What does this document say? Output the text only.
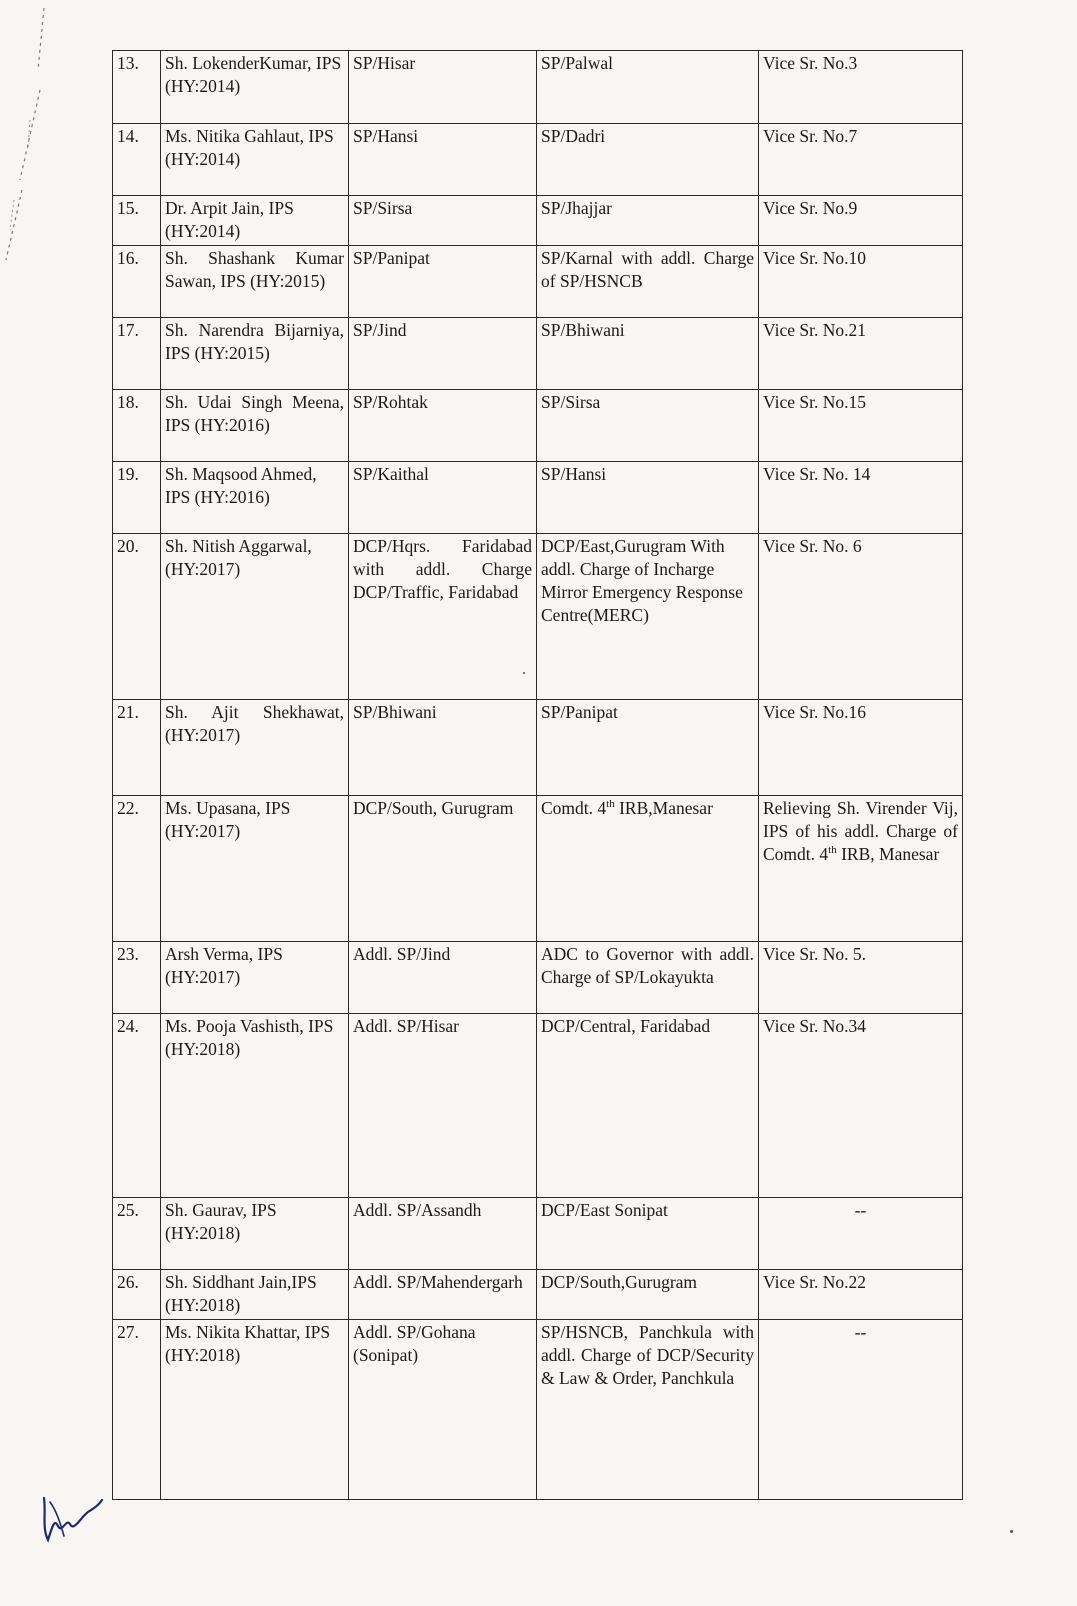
13.	Sh. LokenderKumar, IPS (HY:2014)	SP/Hisar	SP/Palwal	Vice Sr. No.3
14.	Ms. Nitika Gahlaut, IPS (HY:2014)	SP/Hansi	SP/Dadri	Vice Sr. No.7
15.	Dr. Arpit Jain, IPS (HY:2014)	SP/Sirsa	SP/Jhajjar	Vice Sr. No.9
16.	Sh. Shashank Kumar Sawan, IPS (HY:2015)	SP/Panipat	SP/Karnal with addl. Charge of SP/HSNCB	Vice Sr. No.10
17.	Sh. Narendra Bijarniya, IPS (HY:2015)	SP/Jind	SP/Bhiwani	Vice Sr. No.21
18.	Sh. Udai Singh Meena, IPS (HY:2016)	SP/Rohtak	SP/Sirsa	Vice Sr. No.15
19.	Sh. Maqsood Ahmed, IPS (HY:2016)	SP/Kaithal	SP/Hansi	Vice Sr. No. 14
20.	Sh. Nitish Aggarwal, (HY:2017)	DCP/Hqrs. Faridabad with addl. Charge DCP/Traffic, Faridabad	DCP/East,Gurugram With addl. Charge of Incharge Mirror Emergency Response Centre(MERC)	Vice Sr. No. 6
21.	Sh. Ajit Shekhawat, (HY:2017)	SP/Bhiwani	SP/Panipat	Vice Sr. No.16
22.	Ms. Upasana, IPS (HY:2017)	DCP/South, Gurugram	Comdt. 4th IRB,Manesar	Relieving Sh. Virender Vij, IPS of his addl. Charge of Comdt. 4th IRB, Manesar
23.	Arsh Verma, IPS (HY:2017)	Addl. SP/Jind	ADC to Governor with addl. Charge of SP/Lokayukta	Vice Sr. No. 5.
24.	Ms. Pooja Vashisth, IPS (HY:2018)	Addl. SP/Hisar	DCP/Central, Faridabad	Vice Sr. No.34
25.	Sh. Gaurav, IPS (HY:2018)	Addl. SP/Assandh	DCP/East Sonipat	--
26.	Sh. Siddhant Jain,IPS (HY:2018)	Addl. SP/Mahendergarh	DCP/South,Gurugram	Vice Sr. No.22
27.	Ms. Nikita Khattar, IPS (HY:2018)	Addl. SP/Gohana (Sonipat)	SP/HSNCB, Panchkula with addl. Charge of DCP/Security & Law & Order, Panchkula	--
